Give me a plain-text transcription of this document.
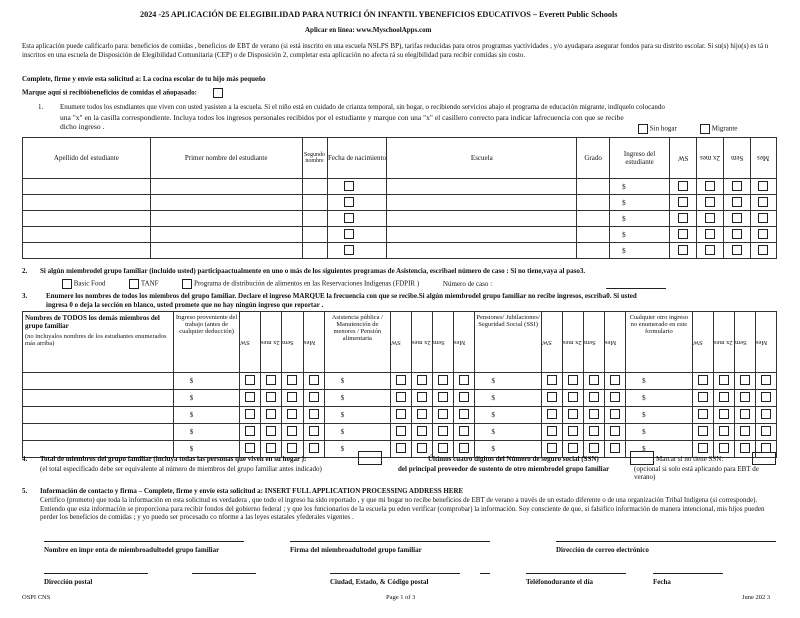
2024 -25 APLICACIÓN DE ELEGIBILIDAD PARA NUTRICI ÓN INFANTIL YBENEFICIOS EDUCATIVOS – Everett Public Schools
Aplicar en línea: www.MyschoolApps.com
Esta aplicación puede calificarlo para: beneficios de comidas , beneficios de EBT de verano (si está inscrito en una escuela NSLPS BP), tarifas reducidas para otros programas yactividades , y/o ayudapara asegurar fondos para su distrito escolar. Si su(s) hijo(s) es tá n inscritos en una escuela de Disposición de Elegibilidad Comunitaria (CEP) o de Disposición 2, completar esta aplicación no afecta rá su elegibilidad para recibir comidas sin costo.
Complete, firme y envíe esta solicitud a: La cocina escolar de tu hijo más pequeño
Marque aquí si recibióbeneficios de comidas el añopasado:
1. Enumere todos los estudiantes que viven con usted yasisten a la escuela. Si el niño está en cuidado de crianza temporal, sin hogar, o recibiendo servicios abajo el programa de educación migrante, indíquelo colocando
una "x" en la casilla correspondiente. Incluya todos los ingresos personales recibidos por el estudiante y marque con una "x" el casillero correcto para indicar lafrecuencia con que se recibe dicho ingreso .	Sin hogar	Migrante
Apellido del estudiante	Primer nombre del estudiante	Segundo nombre	Fecha de nacimiento	Escuela	Grado	Ingreso del estudiante	SW	2x mes	Sem	Mes
						$				
						$				
						$				
						$				
						$				
2. Si algún miembrodel grupo familiar (incluido usted) participaactualmente en uno o más de los siguientes programas de Asistencia, escribael número de caso : Si no tiene,vaya al paso3.
Basic Food	TANF	Programa de distribución de alimentos en las Reservaciones Indígenas (FDPIR )	Número de caso :
3.	Enumere los nombres de todos los miembros del grupo familiar. Declare el ingreso MARQUE la frecuencia con que se recibe.Si algún miembrodel grupo familiar no recibe ingresos, escriba0. Si usted
ingresa 0 o deja la sección en blanco, usted promete que no hay ningún ingreso que reportar .
Nombres de TODOS los demás miembros del grupo familiar
(no incluyalos nombres de los estudiantes enumerados más arriba)	Ingreso proveniente del trabajo (antes de cualquier deducción)	SW	2x mes	Sem	Mes	Asistencia pública / Manutención de menores / Pensión alimentaria	SW	2x mes	Sem	Mes	Pensiones/ Jubilaciones/ Seguridad Social (SSI)	SW	2x mes	Sem	Mes	Cualquier otro ingreso no enumerado en este formulario	SW	2x mes	Sem	Mes
	$					$					$					$				
	$					$					$					$				
	$					$					$					$				
	$					$					$					$				
	$					$					$					$				
4. Total de miembros del grupo familiar (incluya todas las personas que viven en su hogar ):
(el total especificado debe ser equivalente al número de miembros del grupo familiar antes indicado)
Últimos cuatro dígitos del Número de seguro social (SSN)	Marcar si no tiene SSN:
del principal proveedor de sustento de otro miembrodel grupo familiar	(opcional si solo está aplicando para EBT de verano)
5. Información de contacto y firma – Complete, firme y envíe esta solicitud a: INSERT FULL APPLICATION PROCESSING ADDRESS HERE
Certifico (prometo) que toda la información en esta solicitud es verdadera , que todo el ingreso ha sido reportado , y que mi hogar no recibe beneficios de EBT de verano a través de un estado diferente o de una organización Tribal Indígena (si corresponde). Entiendo que esta información se proporciona para recibir fondos del gobierno federal ; y que los funcionarios de la escuela pu eden verificar (comprobar) la información. Soy consciente de que, si falsifico información de manera intencional, mis hijos pueden perder los beneficios de comidas ; y yo puedo ser procesado co nforme a las leyes estatales yfederales vigentes .
Nombre en impr enta de miembroadultodel grupo familiar	Firma del miembroadultodel grupo familiar	Dirección de correo electrónico
Dirección postal	Ciudad, Estado, & Código postal	Teléfonodurante el día	Fecha
OSPI CNS	Page 1 of 3	June 202 3
